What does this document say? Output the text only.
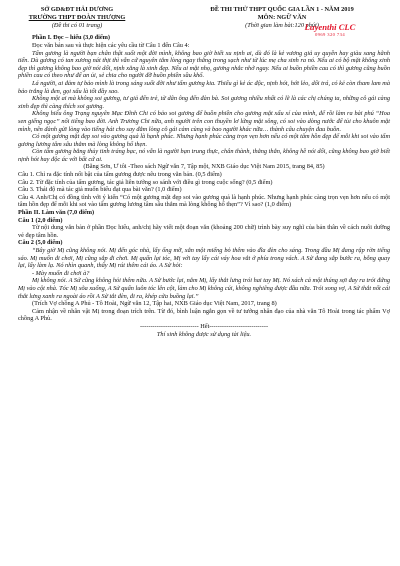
SỞ GD&ĐT HẢI DƯƠNG
TRƯỜNG THPT ĐOÀN THƯỢNG
(Đề thi có 01 trang)
ĐỀ THI THỬ THPT QUỐC GIA LẦN 1 - NĂM 2019
MÔN: NGỮ VĂN
(Thời gian làm bài:120 phút)
Luyenthi CLC
0969 320 734

Phần I. Đọc – hiểu (3,0 điểm)

Đọc văn bản sau và thực hiện các yêu cầu từ Câu 1 đến Câu 4:

Tấm gương là người bạn chân thật suốt một đời mình, không bao giờ biết xu nịnh ai, dù đó là kẻ vương giả uy quyền hay giàu sang hãnh tiến. Dù gương có tan xương nát thịt thì vẫn cứ nguyên tắm lòng ngay thẳng trong sạch như từ lúc mẹ cha sinh ra nó. Nếu ai có bộ mặt không xinh đẹp thì gương không bao giờ nói dối, nịnh xằng là xinh đẹp. Nếu ai mặt nhọ, gương nhắc nhở ngay. Nếu ai buồn phiền cau có thì gương cũng buồn phiền cau có theo như để an ủi, sẻ chia cho người đỡ buồn phiền sầu khổ.

Lá người, ai đảm tự bảo mình là trong sáng suốt đời như tấm gương kia. Thiếu gì kẻ ác độc, nịnh hót, hớt lẻo, dối trá, có kẻ còn tham lam mà bảo trắng là đen, gọi xấu là tốt đầy sao.

Không một ai mà không soi gương, tư giả đến trẻ, từ dân ông đến đàn bà. Soi gương nhiều nhất có lẽ là các chị chúng ta, những cô gái càng xinh đẹp thì càng thích soi gương.

Không hiểu ông Trạng nguyên Mạc Đĩnh Chi có bảo soi gương để buồn phiền cho gương mặt xấu xí của mình, để rồi làm ra bài phú “Hoa sen giếng ngọc” nổi tiếng bao đời. Anh Trương Chi nữa, anh người trên con thuyền lơ lửng mặt sông, có soi vào dòng nước để tủi cho khuôn mặt mình, nên đành gửi lòng vào tiếng hát cho say đắm lòng cô gái cảm cùng và bao người khác nữa… thành câu chuyện đau buồn.

Có một gương mặt đẹp soi vào gương quả là hạnh phúc. Nhưng hạnh phúc càng trọn vẹn hơn nếu có một tâm hồn đẹp để mỗi khi soi vào tấm gương lương tâm sâu thẳm mà lòng không hổ thẹn.

Còn tấm gương bằng thủy tinh tráng bạc, nó vẫn là người bạn trung thực, chân thành, thẳng thắn, không hề nói dối, cũng không bao giờ biết nịnh hót hay độc ác với bất cứ ai.

(Băng Sơn, Ư tôi -Theo sách Ngữ văn 7, Tập một, NXB Giáo dục Việt Nam 2015, trang 84, 85)

Câu 1. Chỉ ra đặc tính nổi bật của tấm gương được nêu trong văn bản. (0,5 điểm)

Câu 2. Từ đặc tính của tấm gương, tác giả liên tưởng so sánh với điều gì trong cuộc sống? (0,5 điểm)

Câu 3. Thái độ mà tác giả muốn biểu đạt qua bài văn? (1,0 điểm)

Câu 4. Anh/Chị có đồng tình với ý kiến “Có một gương mặt đẹp soi vào gương quả là hạnh phúc. Nhưng hạnh phúc càng trọn vẹn hơn nếu có một tâm hồn đẹp để mỗi khi soi vào tấm gương lương tâm sâu thẳm mà lòng không hổ thẹn”? Vì sao? (1,0 điểm)

Phần II. Làm văn (7,0 điểm)

Câu 1 (2,0 điểm)

Từ nội dung văn bản ở phần Đọc hiểu, anh/chị hãy viết một đoạn văn (khoảng 200 chữ) trình bày suy nghĩ của bản thân về cách nuôi dưỡng vẻ đẹp tâm hồn.

Câu 2 (5,0 điểm)

“Bây giờ Mị cũng không nói. Mị đến góc nhà, lấy ống mỡ, xắn một miếng bỏ thêm vào đĩa đèn cho sáng. Trong đầu Mị đang rập rờn tiếng sáo. Mị muốn đi chơi, Mị cũng sắp đi chơi. Mị quấn lại tóc, Mị với tay lấy cái váy hoa vắt ở phía trong vách. A Sử đang sắp bước ra, bỗng quay lại, lấy làm lạ. Nó nhìn quanh, thấy Mị rút thêm cái áo. A Sử hỏi:

- Mày muốn đi chơi à?

Mị không nói. A Sử cũng không hỏi thêm nữa. A Sử bước lại, nắm Mị, lấy thắt lưng trói hai tay Mị. Nó xách cả một thúng sợi đay ra trói đứng Mị vào cột nhà. Tóc Mị xõa xuống, A Sử quấn luôn tóc lên cột, làm cho Mị không cúi, không nghiêng được đầu nữa. Trói xong vợ, A Sử thắt nốt cái thắt lưng xanh ra ngoài áo rồi A Sử tắt đèn, đi ra, khép cửa buồng lại.”

(Trích Vợ chồng A Phủ - Tô Hoài, Ngữ văn 12, Tập hai, NXB Giáo dục Việt Nam, 2017, trang 8)

Cảm nhận về nhân vật Mị trong đoạn trích trên. Từ đó, bình luận ngắn gọn về tư tưởng nhân đạo của nhà văn Tô Hoài trong tác phẩm Vợ chồng A Phủ.

---------------------------- Hết----------------------------

Thí sinh không được sử dụng tài liệu.
